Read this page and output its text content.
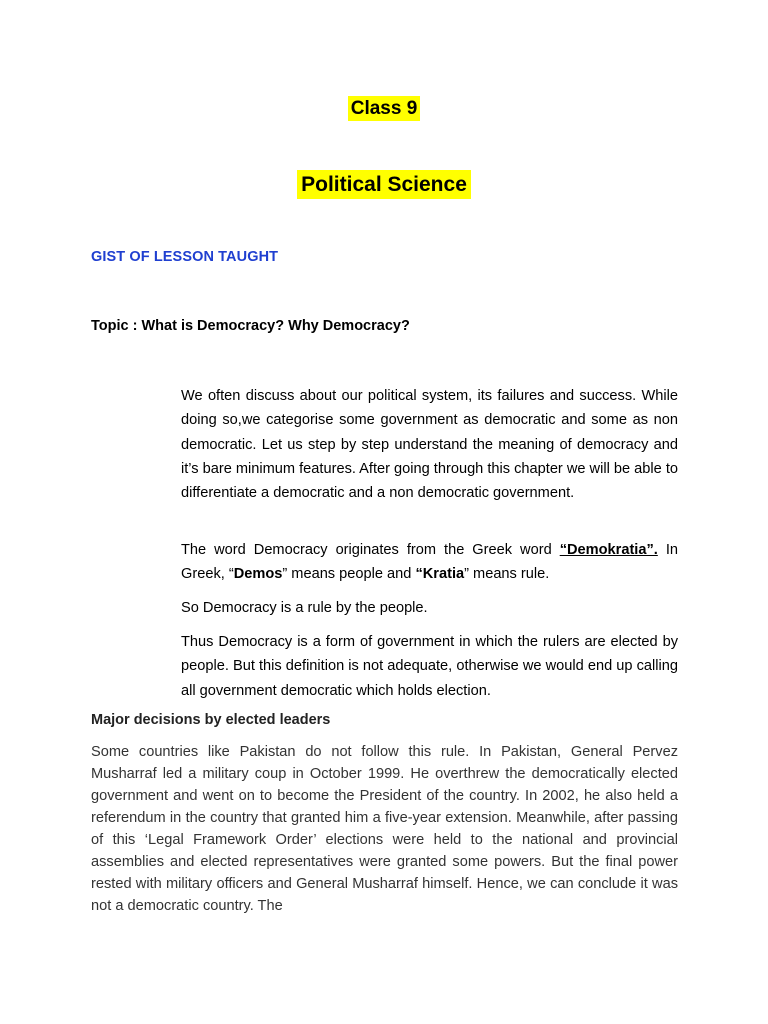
Class 9
Political Science
GIST OF LESSON TAUGHT
Topic : What is Democracy? Why Democracy?
We often discuss about our political system, its failures and success. While doing so,we categorise some government as democratic and some as non democratic. Let us step by step understand the meaning of democracy and it’s bare minimum features. After going through this chapter we will be able to differentiate a democratic and a non democratic government.
The word Democracy originates from the Greek word “Demokratia”. In Greek, “Demos” means people and “Kratia” means rule.
So Democracy is a rule by the people.
Thus Democracy is a form of government in which the rulers are elected by people. But this definition is not adequate, otherwise we would end up calling all government democratic which holds election.
Major decisions by elected leaders
Some countries like Pakistan do not follow this rule. In Pakistan, General Pervez Musharraf led a military coup in October 1999. He overthrew the democratically elected government and went on to become the President of the country. In 2002, he also held a referendum in the country that granted him a five-year extension. Meanwhile, after passing of this ‘Legal Framework Order’ elections were held to the national and provincial assemblies and elected representatives were granted some powers. But the final power rested with military officers and General Musharraf himself. Hence, we can conclude it was not a democratic country. The
